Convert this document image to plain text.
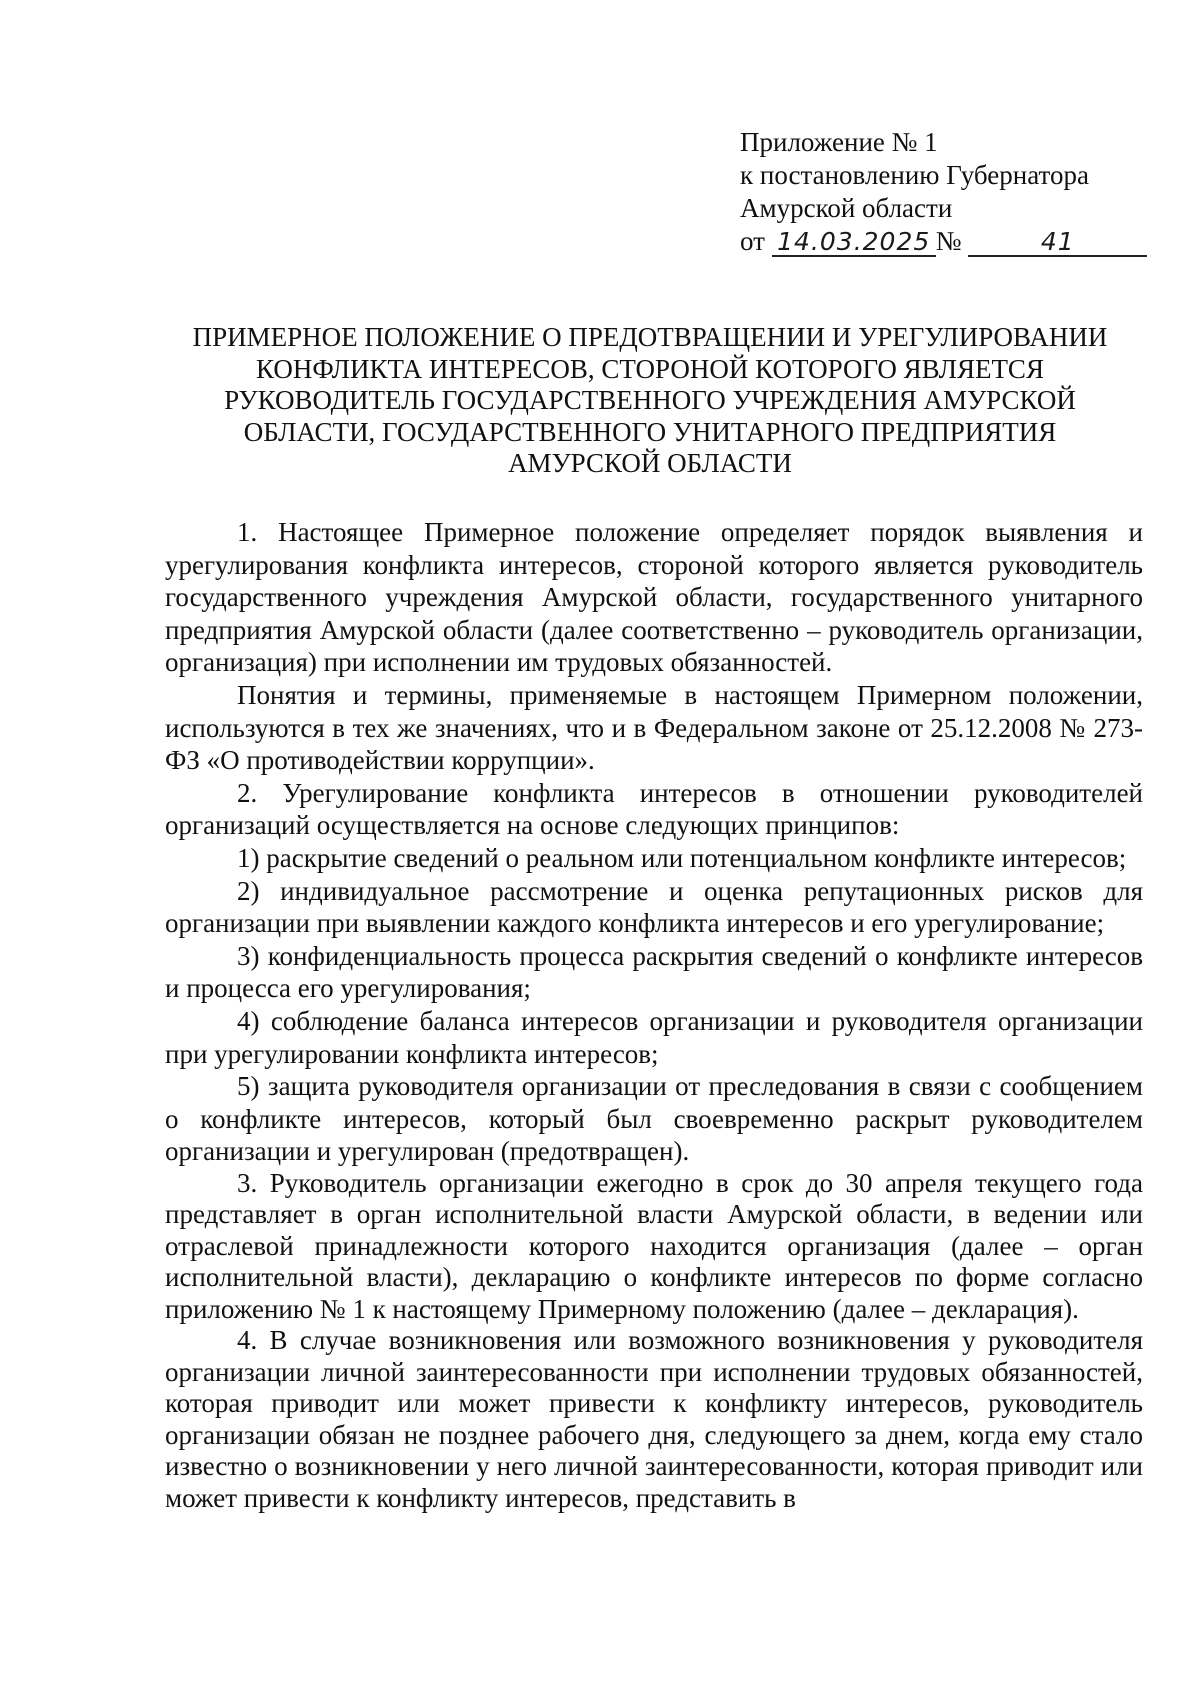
Приложение № 1
к постановлению Губернатора
Амурской области
от 14.03.2025 №	41
ПРИМЕРНОЕ ПОЛОЖЕНИЕ О ПРЕДОТВРАЩЕНИИ И УРЕГУЛИРОВАНИИ
КОНФЛИКТА ИНТЕРЕСОВ, СТОРОНОЙ КОТОРОГО ЯВЛЯЕТСЯ
РУКОВОДИТЕЛЬ ГОСУДАРСТВЕННОГО УЧРЕЖДЕНИЯ АМУРСКОЙ
ОБЛАСТИ, ГОСУДАРСТВЕННОГО УНИТАРНОГО ПРЕДПРИЯТИЯ
АМУРСКОЙ ОБЛАСТИ

1. Настоящее Примерное положение определяет порядок выявления и урегулирования конфликта интересов, стороной которого является руководитель государственного учреждения Амурской области, государственного унитарного предприятия Амурской области (далее соответственно – руководитель организации, организация) при исполнении им трудовых обязанностей.

Понятия и термины, применяемые в настоящем Примерном положении, используются в тех же значениях, что и в Федеральном законе от 25.12.2008 № 273-ФЗ «О противодействии коррупции».

2. Урегулирование конфликта интересов в отношении руководителей организаций осуществляется на основе следующих принципов:

1) раскрытие сведений о реальном или потенциальном конфликте интересов;

2) индивидуальное рассмотрение и оценка репутационных рисков для организации при выявлении каждого конфликта интересов и его урегулирование;

3) конфиденциальность процесса раскрытия сведений о конфликте интересов и процесса его урегулирования;

4) соблюдение баланса интересов организации и руководителя организации при урегулировании конфликта интересов;

5) защита руководителя организации от преследования в связи с сообщением о конфликте интересов, который был своевременно раскрыт руководителем организации и урегулирован (предотвращен).

3. Руководитель организации ежегодно в срок до 30 апреля текущего года представляет в орган исполнительной власти Амурской области, в ведении или отраслевой принадлежности которого находится организация (далее – орган исполнительной власти), декларацию о конфликте интересов по форме согласно приложению № 1 к настоящему Примерному положению (далее – декларация).

4. В случае возникновения или возможного возникновения у руководителя организации личной заинтересованности при исполнении трудовых обязанностей, которая приводит или может привести к конфликту интересов, руководитель организации обязан не позднее рабочего дня, следующего за днем, когда ему стало известно о возникновении у него личной заинтересованности, которая приводит или может привести к конфликту интересов, представить в
